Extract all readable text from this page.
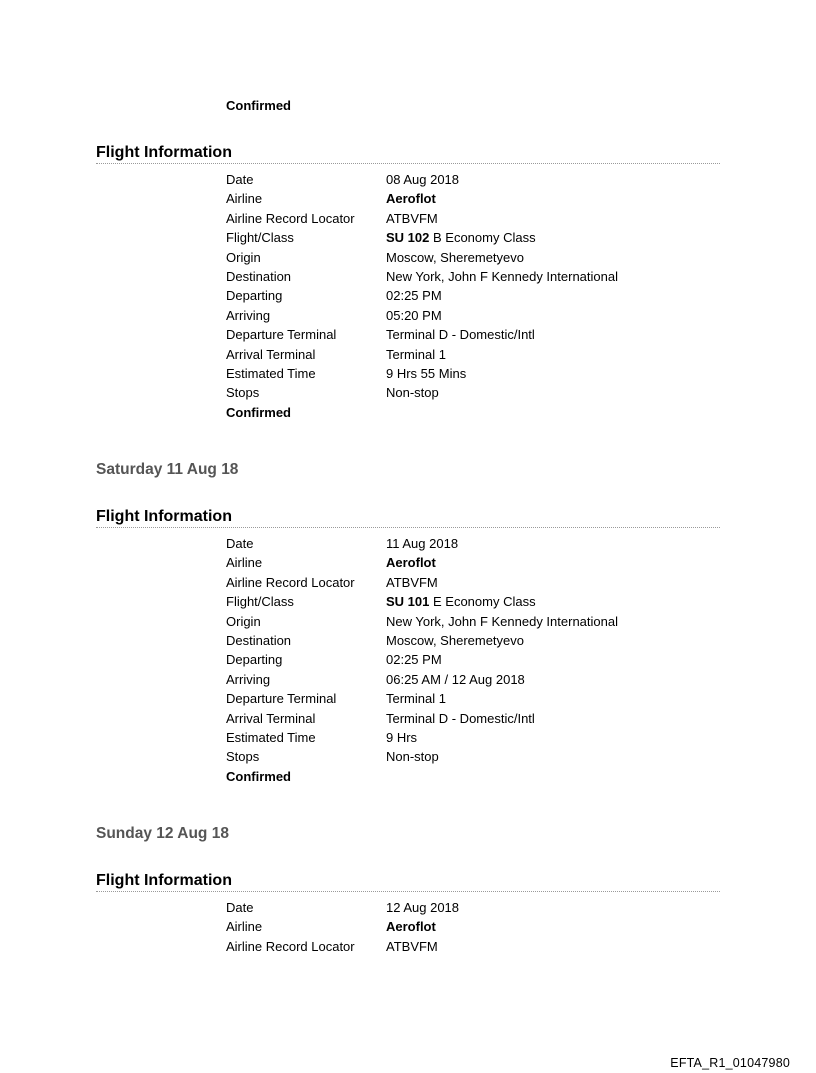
Confirmed
Flight Information
Date	08 Aug 2018
Airline	Aeroflot
Airline Record Locator	ATBVFM
Flight/Class	SU 102 B Economy Class
Origin	Moscow, Sheremetyevo
Destination	New York, John F Kennedy International
Departing	02:25 PM
Arriving	05:20 PM
Departure Terminal	Terminal D - Domestic/Intl
Arrival Terminal	Terminal 1
Estimated Time	9 Hrs 55 Mins
Stops	Non-stop
Confirmed
Saturday 11 Aug 18
Flight Information
Date	11 Aug 2018
Airline	Aeroflot
Airline Record Locator	ATBVFM
Flight/Class	SU 101 E Economy Class
Origin	New York, John F Kennedy International
Destination	Moscow, Sheremetyevo
Departing	02:25 PM
Arriving	06:25 AM / 12 Aug 2018
Departure Terminal	Terminal 1
Arrival Terminal	Terminal D - Domestic/Intl
Estimated Time	9 Hrs
Stops	Non-stop
Confirmed
Sunday 12 Aug 18
Flight Information
Date	12 Aug 2018
Airline	Aeroflot
Airline Record Locator	ATBVFM
EFTA_R1_01047980
